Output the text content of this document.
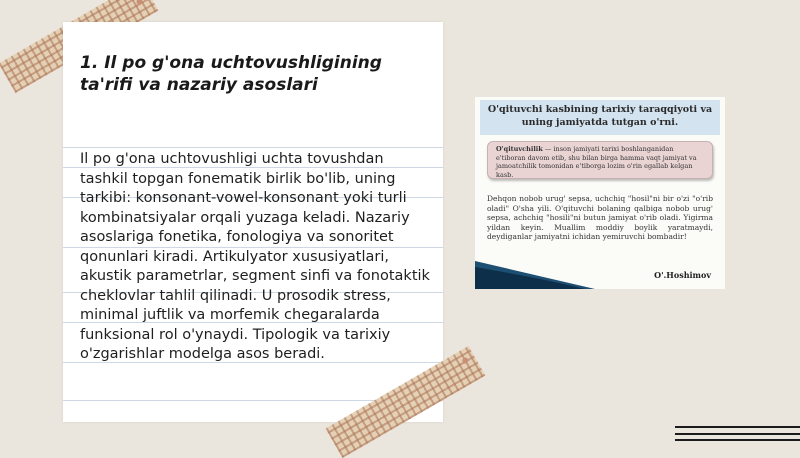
1. Il po g'ona uchtovushligining ta'rifi va nazariy asoslari

Il po g'ona uchtovushligi uchta tovushdan tashkil topgan fonematik birlik bo'lib, uning tarkibi: konsonant-vowel-konsonant yoki turli kombinatsiyalar orqali yuzaga keladi. Nazariy asoslariga fonetika, fonologiya va sonoritet qonunlari kiradi. Artikulyator xususiyatlari, akustik parametrlar, segment sinfi va fonotaktik cheklovlar tahlil qilinadi. U prosodik stress, minimal juftlik va morfemik chegaralarda funksional rol o'ynaydi. Tipologik va tarixiy o'zgarishlar modelga asos beradi.

O'qituvchi kasbining tarixiy taraqqiyoti va uning jamiyatda tutgan o'rni.
O'qituvchilik — inson jamiyati tarixi boshlanganidan e'tiboran davom etib, shu bilan birga hamma vaqt jamiyat va jamoatchilik tomonidan e'tiborga lozim o'rin egallab kelgan kasb.

Dehqon nobob urug' sepsa, uchchiq "hosil"ni bir o'zi "o'rib oladi" O'sha yili. O'qituvchi bolaning qalbiga nobob urug' sepsa, achchiq "hosili"ni butun jamiyat o'rib oladi. Yigirma yildan keyin. Muallim moddiy boylik yaratmaydi, deydiganlar jamiyatni ichidan yemiruvchi bombadir!

O'.Hoshimov
